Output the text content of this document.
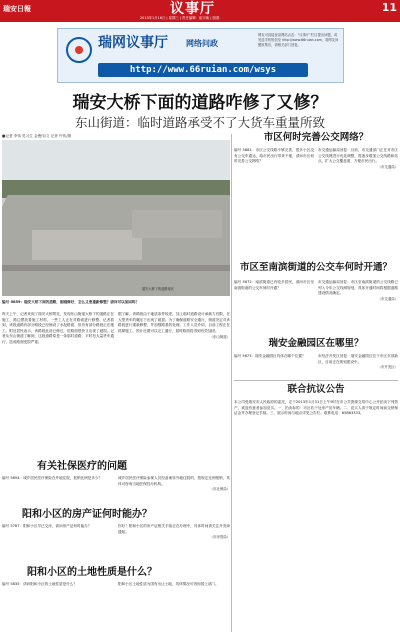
瑞安日報	议事厅
2013年1月16日 | 星期三 | 责任编辑：崔宗焕 | 版面：
11
瑞网议事厅 网络问政
网友可直接登录网站点击：“议事厅”栏目提出问题，或发送手机短信至 http://www.66ruian.com，将网友问题收集后，请相关部门回复。
http://www.66ruian.com/wsys
瑞安大桥下面的道路咋修了又修？
东山街道：临时道路承受不了大货车重量所致
■记者 李伟 见习生 金俊伟/文 记者 许传/摄
瑞安大桥下的道路现状
编号 5859：瑞安大桥下面的道路，刚刚修好，怎么又要重新修整？请问可以加固吗？

昨天上午，记者来到了瑞安大桥附近，发现东山街道大桥下的道路正在施工，路边摆放着施工材料，一些工人正在对路面进行修整。记者看到，该段道路有部分路段已经铺设了水泥路面，但仍有部分路段正在施工。附近居民表示，该路段此前已修过，但路面很快又出现了破损。记者从东山街道了解到，这段道路原是一条临时道路，平时有大量货车通行，造成路面受损严重。

据了解，该路段由于地质条件较差，加上临时道路设计承载力有限，在大型货车的碾压下出现了破损。为了确保道路安全通行，街道决定对该路段进行重新修整，并加强路基的处理。工作人员介绍，目前工程正在抓紧施工，预计近期可以完工通行，届时路面将得到有效加固。

（东山街道）
有关社保医疗的问题
编号 5694：城乡居民医疗保险在外地住院，报销比例是多少？	城乡居民医疗保险参保人员经备案转外地住院的，按规定比例报销，具体可咨询当地医保经办机构。
（市社保局）
阳和小区的房产证何时能办？
编号 5787：阳和小区早已交房，请问房产证何时能办？	你好！阳和小区的房产证相关手续正在办理中，具体时间请关注开发商通知。
（市房管局）
阳和小区的土地性质是什么？
编号 5835：请问阳和小区的土地性质是什么？	阳和小区土地性质为国有出让土地，具体情况可咨询国土部门。
市区何时完善公交网络？
编号 5881：市区公交线路不够完善，很多小区没有公交车通达，给市民出行带来不便，请问市区何时完善公交网络？
市交通运输局回复：目前，市交通部门正在对市区公交线网进行优化调整，将逐步增加公交线路和站点，扩大公交覆盖面，方便市民出行。
（市交通局）
市区至南滨街道的公交车何时开通？
编号 5672：南滨街道已有较多居民，请问市区至南滨街道的公交车何时开通？
市交通运输局回复：市区至南滨街道的公交线路已列入今年公交线网规划，具体开通时间将根据道路建设情况确定。
（市交通局）
瑞安金融园区在哪里？
编号 5673：瑞安金融园区具体在哪个位置？	市经济开发区回复：瑞安金融园区位于市区东部新区，目前正在规划建设中。
（市开发区）
联合抗议公告
本公司受瑞安市人民政府的委托，定于2013年1月31日上午9时在市公共资源交易中心公开拍卖下列资产，欢迎有意者参加竞买。一、拍卖标的：市区若干处房产及车辆。二、竞买人须于规定时间前交纳保证金并办理登记手续。三、展示时间与地点详见公告栏。联系电话：65863333。
